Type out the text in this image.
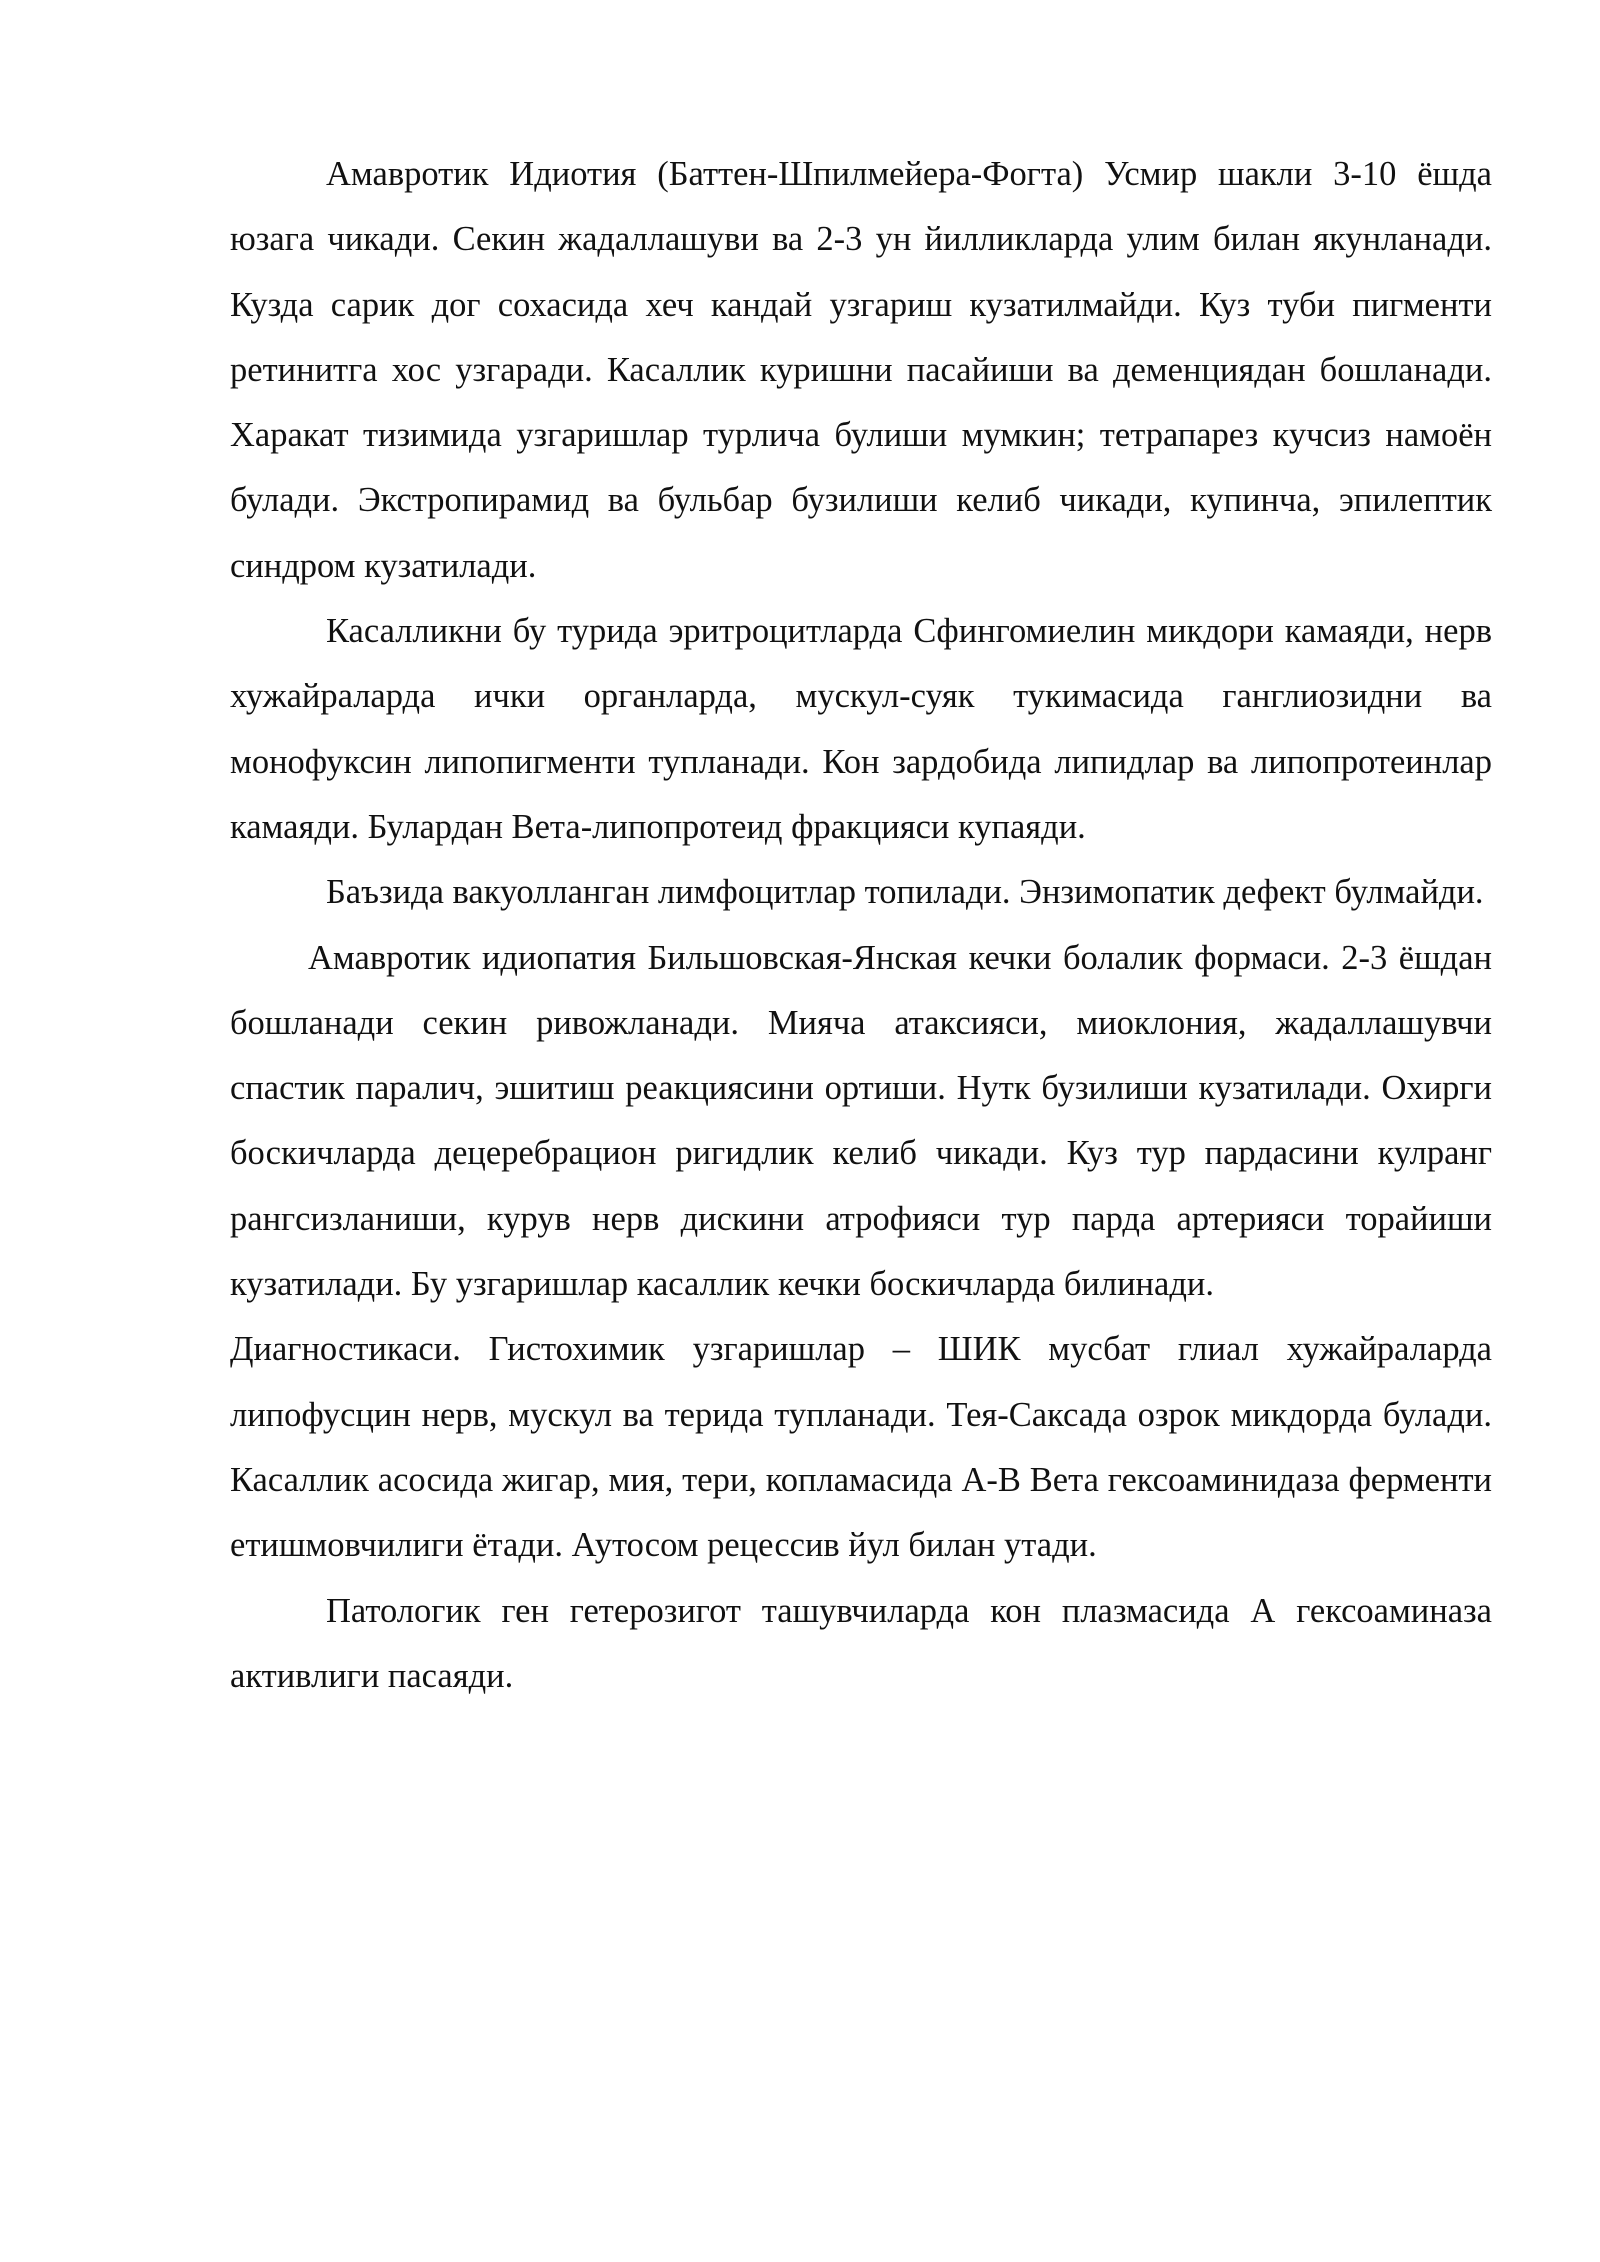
Амавротик Идиотия (Баттен-Шпилмейера-Фогта) Усмир шакли 3-10 ёшда юзага чикади. Секин жадаллашуви ва 2-3 ун йилликларда улим билан якунланади. Кузда сарик дог сохасида хеч кандай узгариш кузатилмайди. Куз туби пигменти ретинитга хос узгаради. Касаллик куришни пасайиши ва деменциядан бошланади. Харакат тизимида узгаришлар турлича булиши мумкин; тетрапарез кучсиз намоён булади. Экстропирамид ва бульбар бузилиши келиб чикади, купинча, эпилептик синдром кузатилади.

Касалликни бу турида эритроцитларда Сфингомиелин микдори камаяди, нерв хужайраларда ички органларда, мускул-суяк тукимасида ганглиозидни ва монофуксин липопигменти тупланади. Кон зардобида липидлар ва липопротеинлар камаяди. Булардан Вета-липопротеид фракцияси купаяди.

Баъзида вакуолланган лимфоцитлар топилади. Энзимопатик дефект булмайди.

Амавротик идиопатия Бильшовская-Янская кечки болалик формаси. 2-3 ёшдан бошланади секин ривожланади. Мияча атаксияси, миоклония, жадаллашувчи спастик паралич, эшитиш реакциясини ортиши. Нутк бузилиши кузатилади. Охирги боскичларда децеребрацион ригидлик келиб чикади. Куз тур пардасини кулранг рангсизланиши, курув нерв дискини атрофияси тур парда артерияси торайиши кузатилади. Бу узгаришлар касаллик кечки боскичларда билинади.

Диагностикаси. Гистохимик узгаришлар – ШИК мусбат глиал хужайраларда липофусцин нерв, мускул ва терида тупланади. Тея-Саксада озрок микдорда булади. Касаллик асосида жигар, мия, тери, копламасида А-В Вета гексоаминидаза ферменти етишмовчилиги ётади. Аутосом рецессив йул билан утади.

Патологик ген гетерозигот ташувчиларда кон плазмасида А гексоаминаза активлиги пасаяди.
